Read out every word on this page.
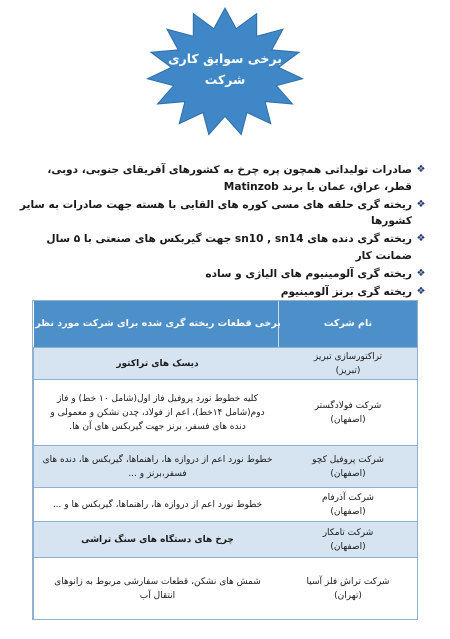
برخی سوابق کاری
شرکت
❖
صادرات تولیداتی همچون پره چرخ به کشورهای آفریقای جنوبی، دوبی، قطر، عراق، عمان با برند Matinzob
❖
ریخته گری حلقه های مسی کوره های القایی با هسته جهت صادرات به سایر کشورها
❖
ریخته گری دنده های sn10 , sn14 جهت گیربکس های صنعتی با ۵ سال ضمانت کار
❖
ریخته گری آلومینیوم های الیاژی و ساده
❖
ریخته گری برنز آلومینیوم
نام شرکت
برخی قطعات ریخته گری شده برای شرکت مورد نظر
تراکتورسازی تبریز
(تبریز)
دیسک های تراکتور
شرکت فولادگستر
(اصفهان)
کلیه خطوط نورد پروفیل فاز اول(شامل ۱۰ خط) و فاز دوم(شامل ۱۴خط)، اعم از فولاد، چدن نشکن و معمولی و دنده های فسفر، برنز جهت گیربکس های آن ها.
شرکت پروفیل کچو
(اصفهان)
خطوط نورد اعم از دروازه ها، راهنماها، گیربکس ها، دنده های فسفر،برنز و ...
شرکت آذرفام
(اصفهان)
خطوط نورد اعم از دروازه ها، راهنماها، گیربکس ها و ...
شرکت تامکار
(اصفهان)
چرخ های دستگاه های سنگ تراشی
شرکت تراش فلز آسیا
(تهران)
شمش های نشکن، قطعات سفارشی مربوط به زانوهای انتقال آب
